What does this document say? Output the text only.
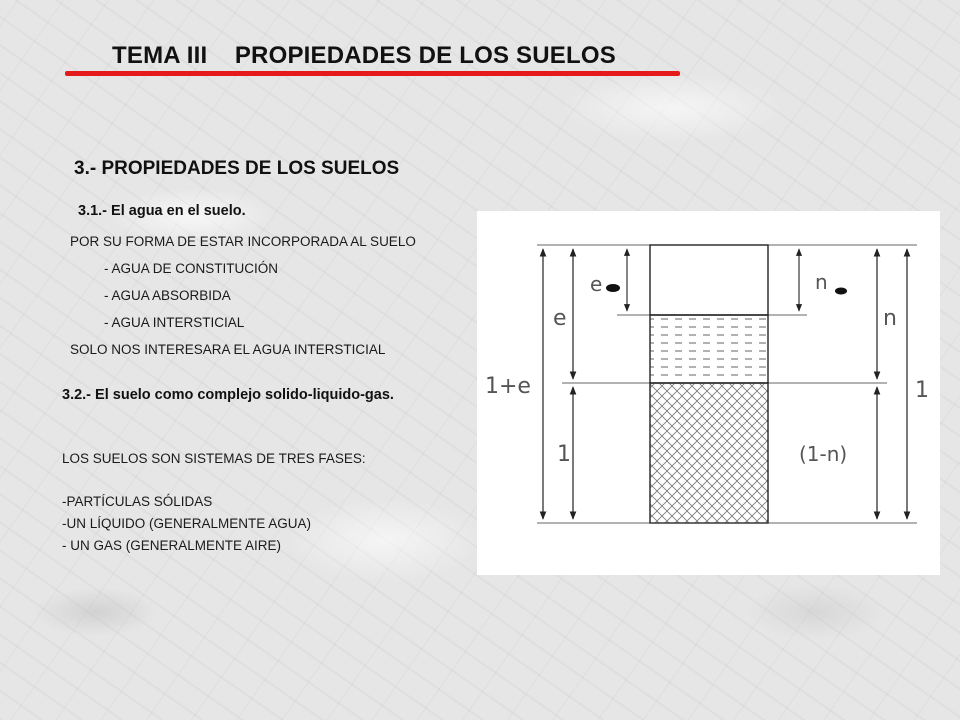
TEMA III    PROPIEDADES DE LOS SUELOS
3.- PROPIEDADES DE LOS SUELOS
3.1.- El agua en el suelo.
POR SU FORMA DE ESTAR INCORPORADA AL SUELO
- AGUA DE CONSTITUCIÓN
- AGUA ABSORBIDA
- AGUA INTERSTICIAL
SOLO NOS INTERESARA EL AGUA INTERSTICIAL
3.2.- El suelo como complejo solido-liquido-gas.
LOS SUELOS SON SISTEMAS DE TRES FASES:
-PARTÍCULAS SÓLIDAS
-UN LÍQUIDO (GENERALMENTE AGUA)
- UN GAS (GENERALMENTE AIRE)
1+e
e
1
e
n
(1-n)
1
n
